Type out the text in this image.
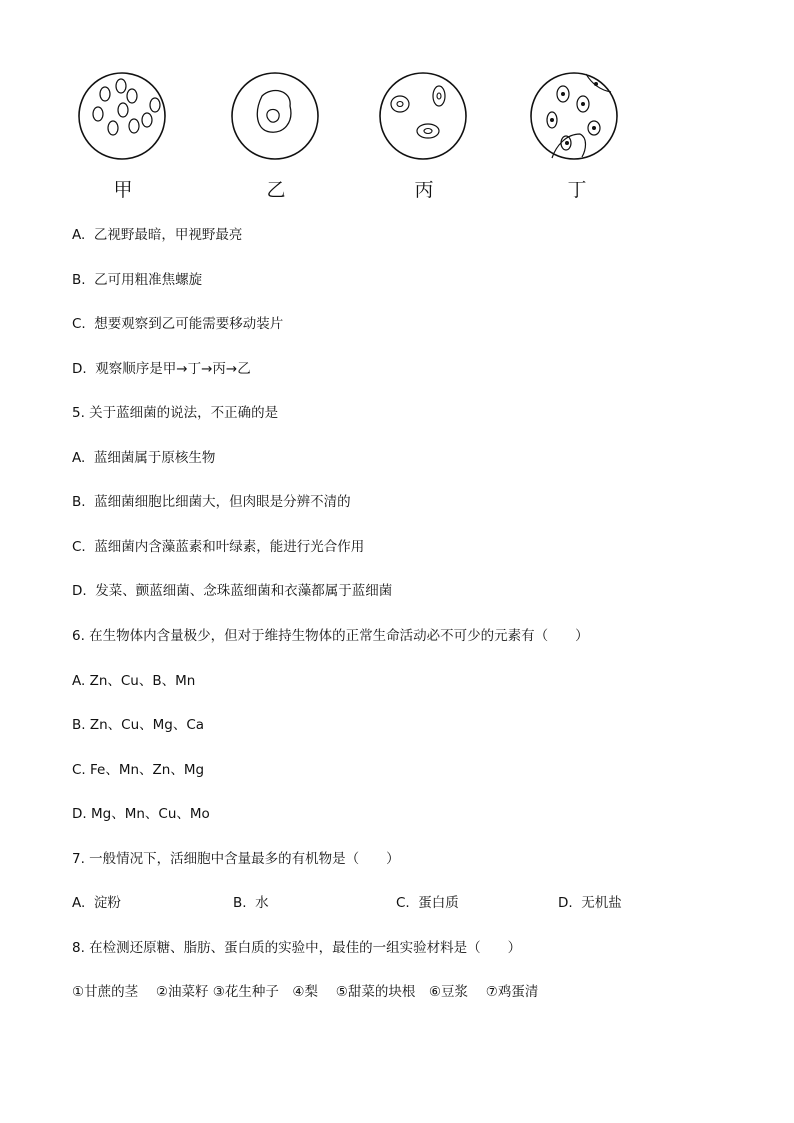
甲	乙	丙	丁
A.  乙视野最暗，甲视野最亮
B.  乙可用粗准焦螺旋
C.  想要观察到乙可能需要移动装片
D.  观察顺序是甲→丁→丙→乙
5. 关于蓝细菌的说法，不正确的是
A.  蓝细菌属于原核生物
B.  蓝细菌细胞比细菌大，但肉眼是分辨不清的
C.  蓝细菌内含藻蓝素和叶绿素，能进行光合作用
D.  发菜、颤蓝细菌、念珠蓝细菌和衣藻都属于蓝细菌
6. 在生物体内含量极少，但对于维持生物体的正常生命活动必不可少的元素有（　　）
A. Zn、Cu、B、Mn
B. Zn、Cu、Mg、Ca
C. Fe、Mn、Zn、Mg
D. Mg、Mn、Cu、Mo
7. 一般情况下，活细胞中含量最多的有机物是（　　）
A.  淀粉	B.  水	C.  蛋白质	D.  无机盐
8. 在检测还原糖、脂肪、蛋白质的实验中，最佳的一组实验材料是（　　）
①甘蔗的茎　 ②油菜籽 ③花生种子　④梨　 ⑤甜菜的块根　⑥豆浆　 ⑦鸡蛋清
